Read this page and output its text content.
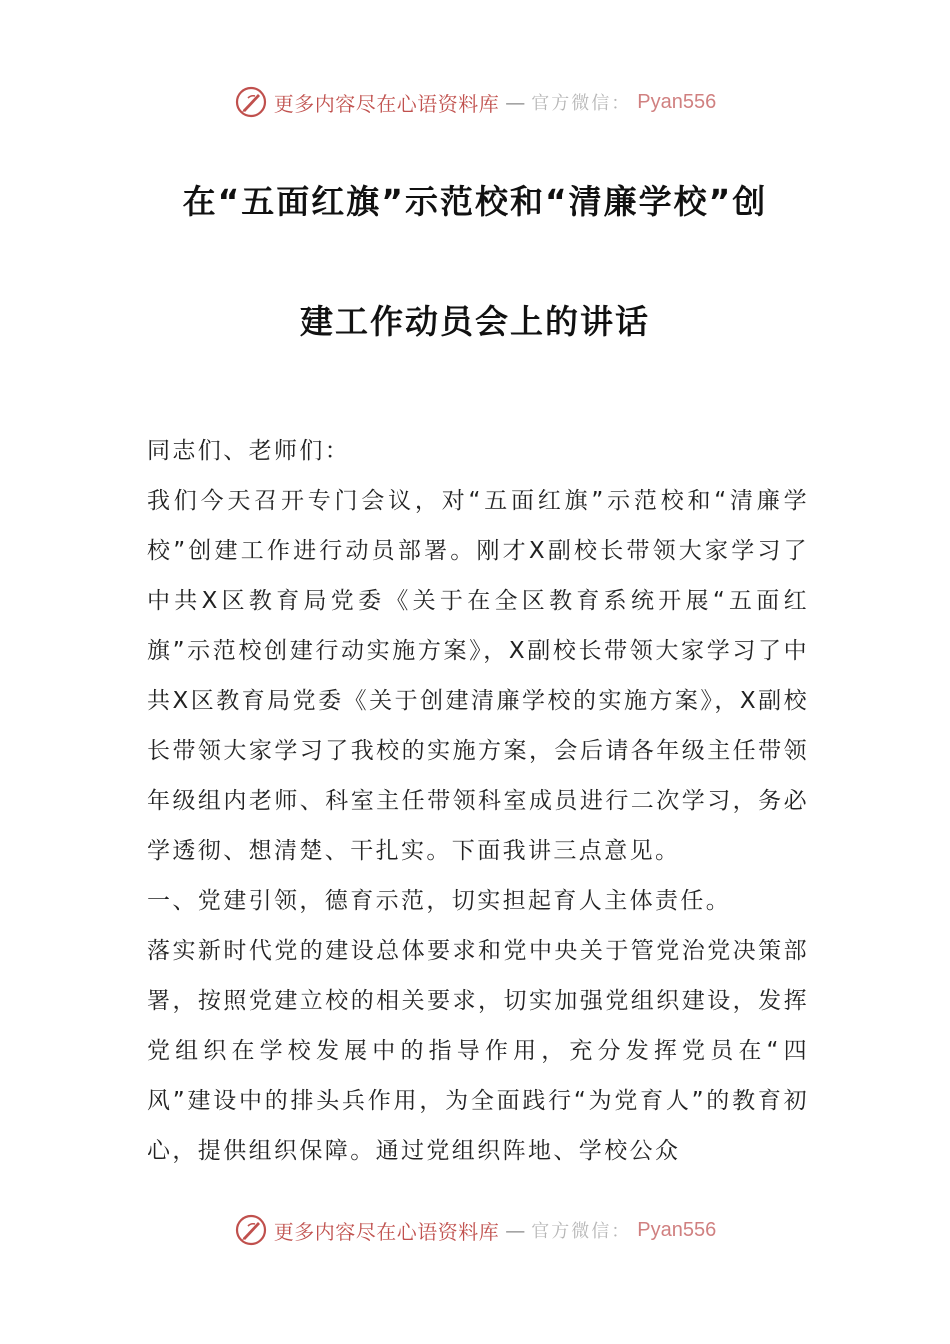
更多内容尽在心语资料库 — 官方微信： Pyan556
在“五面红旗”示范校和“清廉学校”创
建工作动员会上的讲话

同志们、老师们：

我们今天召开专门会议，对“五面红旗”示范校和“清廉学校”创建工作进行动员部署。刚才X副校长带领大家学习了中共X区教育局党委《关于在全区教育系统开展“五面红旗”示范校创建行动实施方案》，X副校长带领大家学习了中共X区教育局党委《关于创建清廉学校的实施方案》，X副校长带领大家学习了我校的实施方案，会后请各年级主任带领年级组内老师、科室主任带领科室成员进行二次学习，务必学透彻、想清楚、干扎实。下面我讲三点意见。

一、党建引领，德育示范，切实担起育人主体责任。

落实新时代党的建设总体要求和党中央关于管党治党决策部署，按照党建立校的相关要求，切实加强党组织建设，发挥党组织在学校发展中的指导作用，充分发挥党员在“四风”建设中的排头兵作用，为全面践行“为党育人”的教育初心，提供组织保障。通过党组织阵地、学校公众

更多内容尽在心语资料库 — 官方微信： Pyan556
